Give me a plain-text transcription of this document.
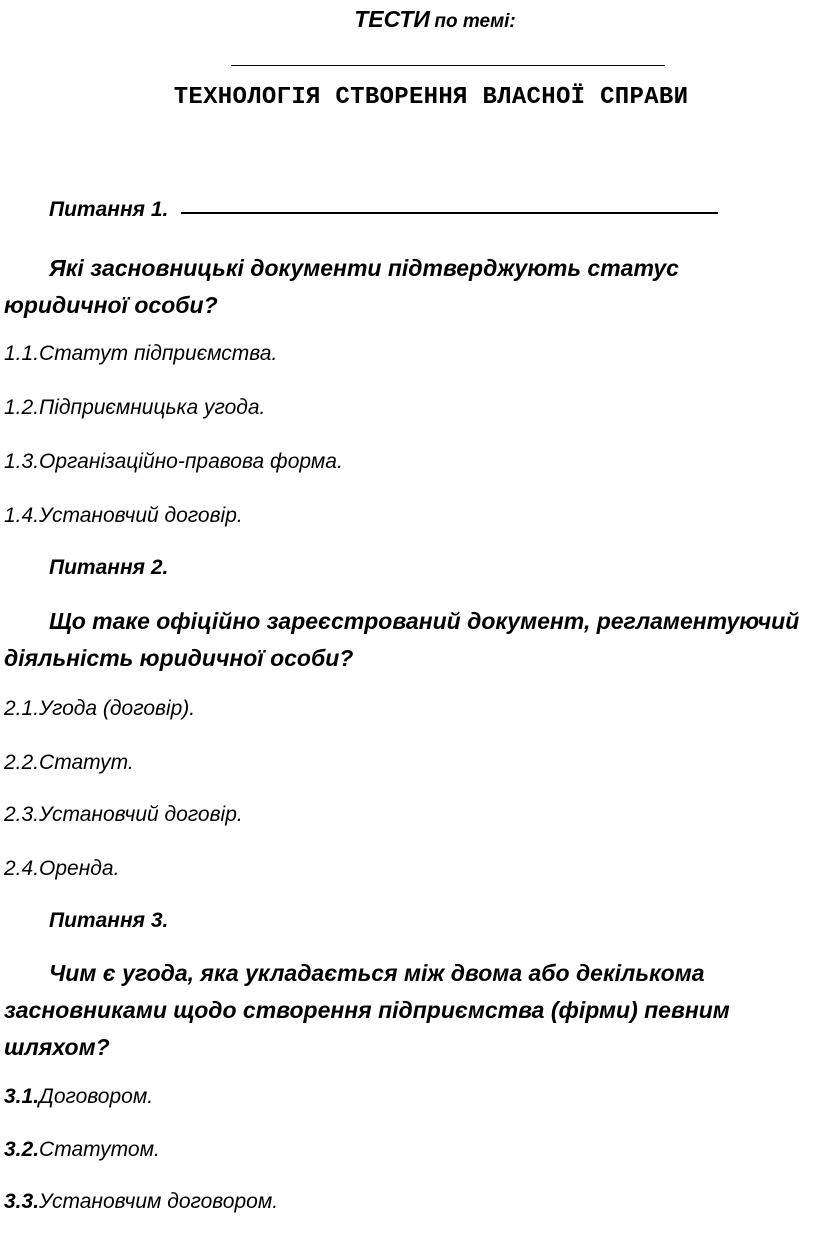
ТЕСТИ по темі:
ТЕХНОЛОГІЯ СТВОРЕННЯ ВЛАСНОЇ СПРАВИ
Питання 1.
Які засновницькі документи підтверджують статус юридичної особи?
1.1.Статут підприємства.
1.2.Підприємницька угода.
1.3.Організаційно-правова форма.
1.4.Установчий договір.
Питання 2.
Що таке офіційно зареєстрований документ, регламентуючий діяльність юридичної особи?
2.1.Угода (договір).
2.2.Статут.
2.3.Установчий договір.
2.4.Оренда.
Питання 3.
Чим є угода, яка укладається між двома або декількома засновниками щодо створення підприємства (фірми) певним шляхом?
3.1.Договором.
3.2.Статутом.
3.3.Установчим договором.
